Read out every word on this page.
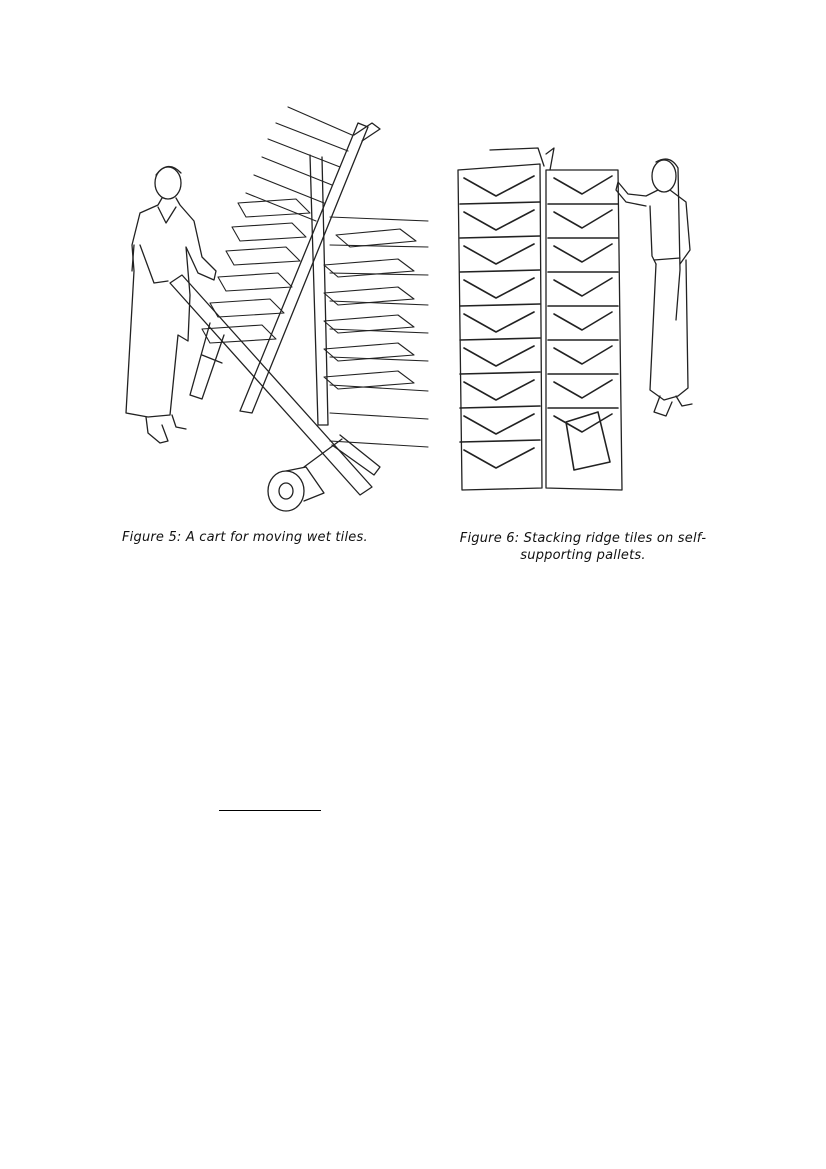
Figure 5: A cart for moving wet tiles.	Figure 6: Stacking ridge tiles on self-supporting pallets.
